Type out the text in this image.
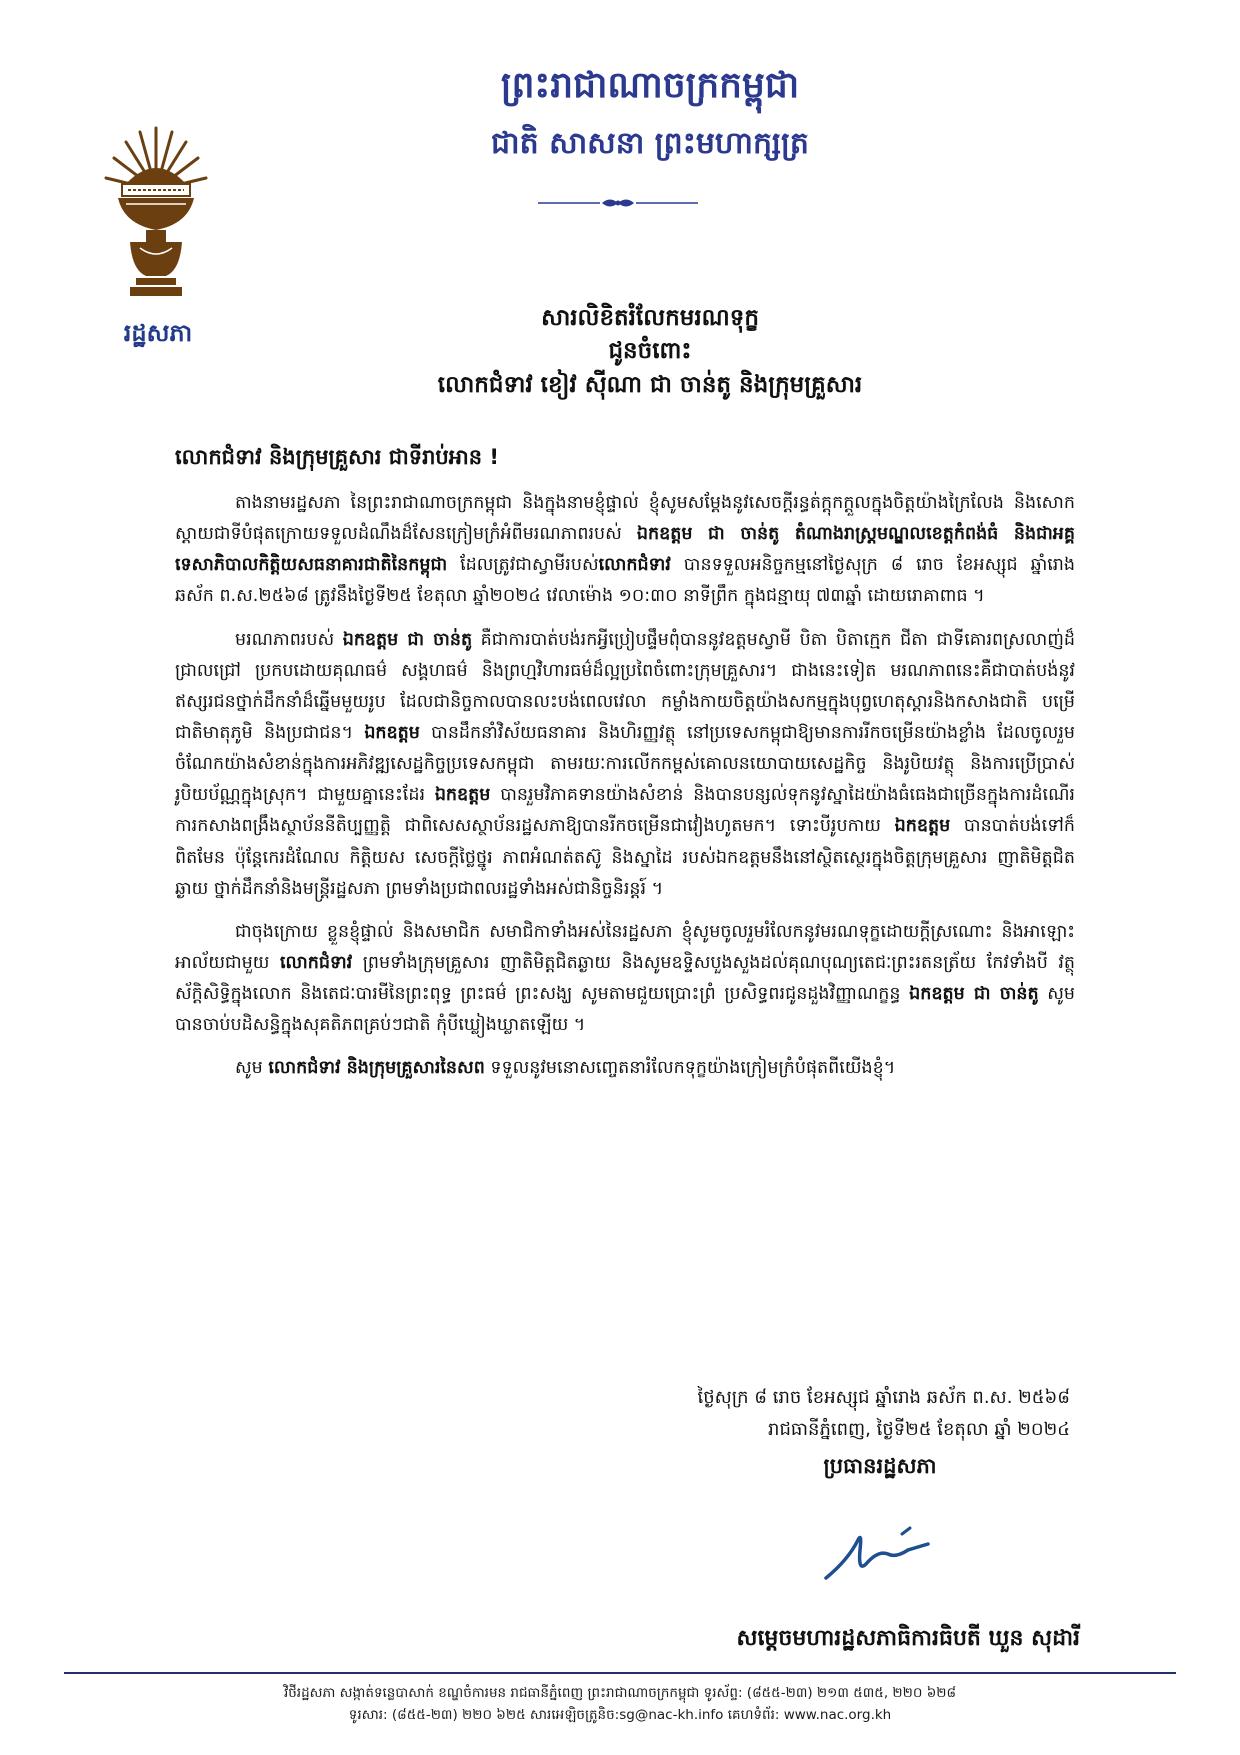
រដ្ឋសភា
ព្រះរាជាណាចក្រកម្ពុជា
ជាតិ សាសនា ព្រះមហាក្សត្រ
សារលិខិតរំលែកមរណទុក្ខ
ជូនចំពោះ
លោកជំទាវ ខៀវ ស៊ីណា ជា ចាន់តូ និងក្រុមគ្រួសារ
លោកជំទាវ និងក្រុមគ្រួសារ ជាទីរាប់អាន !

តាងនាមរដ្ឋសភា នៃព្រះរាជាណាចក្រកម្ពុជា និងក្នុងនាមខ្ញុំផ្ទាល់ ខ្ញុំសូមសម្តែងនូវសេចក្តីរន្ធត់ក្តុកក្តួលក្នុងចិត្តយ៉ាងក្រៃលែង និងសោកស្តាយជាទីបំផុតក្រោយទទួលដំណឹងដ៏សែនក្រៀមក្រំអំពីមរណភាពរបស់ ឯកឧត្តម ជា ចាន់តូ តំណាងរាស្ត្រមណ្ឌលខេត្តកំពង់ធំ និងជាអគ្គទេសាភិបាលកិត្តិយសធនាគារជាតិនៃកម្ពុជា ដែលត្រូវជាស្វាមីរបស់លោកជំទាវ បានទទួលអនិច្ចកម្មនៅថ្ងៃសុក្រ ៨ រោច ខែអស្សុជ ឆ្នាំរោង ឆស័ក ព.ស.២៥៦៨ ត្រូវនឹងថ្ងៃទី២៥ ខែតុលា ឆ្នាំ២០២៤ វេលាម៉ោង ១០:៣០ នាទីព្រឹក ក្នុងជន្មាយុ ៧៣ឆ្នាំ ដោយរោគាពាធ ។

មរណភាពរបស់ ឯកឧត្តម ជា ចាន់តូ គឺជាការបាត់បង់រកអ្វីប្រៀបផ្ទឹមពុំបាននូវឧត្តមស្វាមី បិតា បិតាក្មេក ជីតា ជាទីគោរពស្រលាញ់ដ៏ជ្រាលជ្រៅ ប្រកបដោយគុណធម៌ សង្គហធម៌ និងព្រហ្មវិហារធម៌ដ៏ល្អប្រពៃចំពោះក្រុមគ្រួសារ។ ជាងនេះទៀត មរណភាពនេះគឺជាបាត់បង់នូវឥស្សរជនថ្នាក់ដឹកនាំដ៏ឆ្នើមមួយរូប ដែលជានិច្ចកាលបានលះបង់ពេលវេលា កម្លាំងកាយចិត្តយ៉ាងសកម្មក្នុងបុព្វហេតុស្តារនិងកសាងជាតិ បម្រើជាតិមាតុភូមិ និងប្រជាជន។ ឯកឧត្តម បានដឹកនាំវិស័យធនាគារ និងហិរញ្ញវត្ថុ នៅប្រទេសកម្ពុជាឱ្យមានការរីកចម្រើនយ៉ាងខ្លាំង ដែលចូលរួមចំណែកយ៉ាងសំខាន់ក្នុងការអភិវឌ្ឍសេដ្ឋកិច្ចប្រទេសកម្ពុជា តាមរយៈការលើកកម្ពស់គោលនយោបាយសេដ្ឋកិច្ច និងរូបិយវត្ថុ និងការប្រើប្រាស់រូបិយប័ណ្ណក្នុងស្រុក។ ជាមួយគ្នានេះដែរ ឯកឧត្តម បានរួមវិភាគទានយ៉ាងសំខាន់ និងបានបន្សល់ទុកនូវស្នាដៃយ៉ាងធំធេងជាច្រើនក្នុងការដំណើរការកសាងពង្រឹងស្ថាប័ននីតិប្បញ្ញត្តិ ជាពិសេសស្ថាប័នរដ្ឋសភាឱ្យបានរីកចម្រើនជាវៀងហូតមក។ ទោះបីរូបកាយ ឯកឧត្តម បានបាត់បង់ទៅក៏ពិតមែន ប៉ុន្តែកេរដំណែល កិត្តិយស សេចក្តីថ្លៃថ្នូរ ភាពអំណត់តស៊ូ និងស្នាដៃ របស់ឯកឧត្តមនឹងនៅស្ថិតស្ថេរក្នុងចិត្តក្រុមគ្រួសារ ញាតិមិត្តជិតឆ្ងាយ ថ្នាក់ដឹកនាំនិងមន្ត្រីរដ្ឋសភា ព្រមទាំងប្រជាពលរដ្ឋទាំងអស់ជានិច្ចនិរន្តរ៍ ។

ជាចុងក្រោយ ខ្លួនខ្ញុំផ្ទាល់ និងសមាជិក សមាជិកាទាំងអស់នៃរដ្ឋសភា ខ្ញុំសូមចូលរួមរំលែកនូវមរណទុក្ខដោយក្តីស្រណោះ និងអាឡោះអាល័យជាមួយ លោកជំទាវ ព្រមទាំងក្រុមគ្រួសារ ញាតិមិត្តជិតឆ្ងាយ និងសូមឧទ្ទិសបួងសួងដល់គុណបុណ្យតេជៈព្រះរតនត្រ័យ កែវទាំងបី វត្ថុស័ក្តិសិទ្ធិក្នុងលោក និងតេជៈបារមីនៃព្រះពុទ្ធ ព្រះធម៌ ព្រះសង្ឃ សូមតាមជួយប្រោះព្រំ ប្រសិទ្ធពរជូនដួងវិញ្ញាណក្ខន្ធ ឯកឧត្តម ជា ចាន់តូ សូមបានចាប់បដិសន្ធិក្នុងសុគតិភពគ្រប់ៗជាតិ កុំបីឃ្លៀងឃ្លាតឡើយ ។

សូម លោកជំទាវ និងក្រុមគ្រួសារនៃសព ទទួលនូវមនោសញ្ចេតនារំលែកទុក្ខយ៉ាងក្រៀមក្រំបំផុតពីយើងខ្ញុំ។

ថ្ងៃសុក្រ ៨ រោច ខែអស្សុជ ឆ្នាំរោង ឆស័ក ព.ស. ២៥៦៨
រាជធានីភ្នំពេញ, ថ្ងៃទី២៥ ខែតុលា ឆ្នាំ ២០២៤
ប្រធានរដ្ឋសភា
សម្តេចមហារដ្ឋសភាធិការធិបតី ឃួន សុដារី
វិថីរដ្ឋសភា សង្កាត់ទន្លេបាសាក់ ខណ្ឌចំការមន រាជធានីភ្នំពេញ ព្រះរាជាណាចក្រកម្ពុជា ទូរស័ព្ទ: (៨៥៥-២៣) ២១៣ ៥៣៥, ២២០ ៦២៨
ទូរសារ: (៨៥៥-២៣) ២២០ ៦២៥ សារអេឡិចត្រូនិច:sg@nac-kh.info គេហទំព័រ: www.nac.org.kh
